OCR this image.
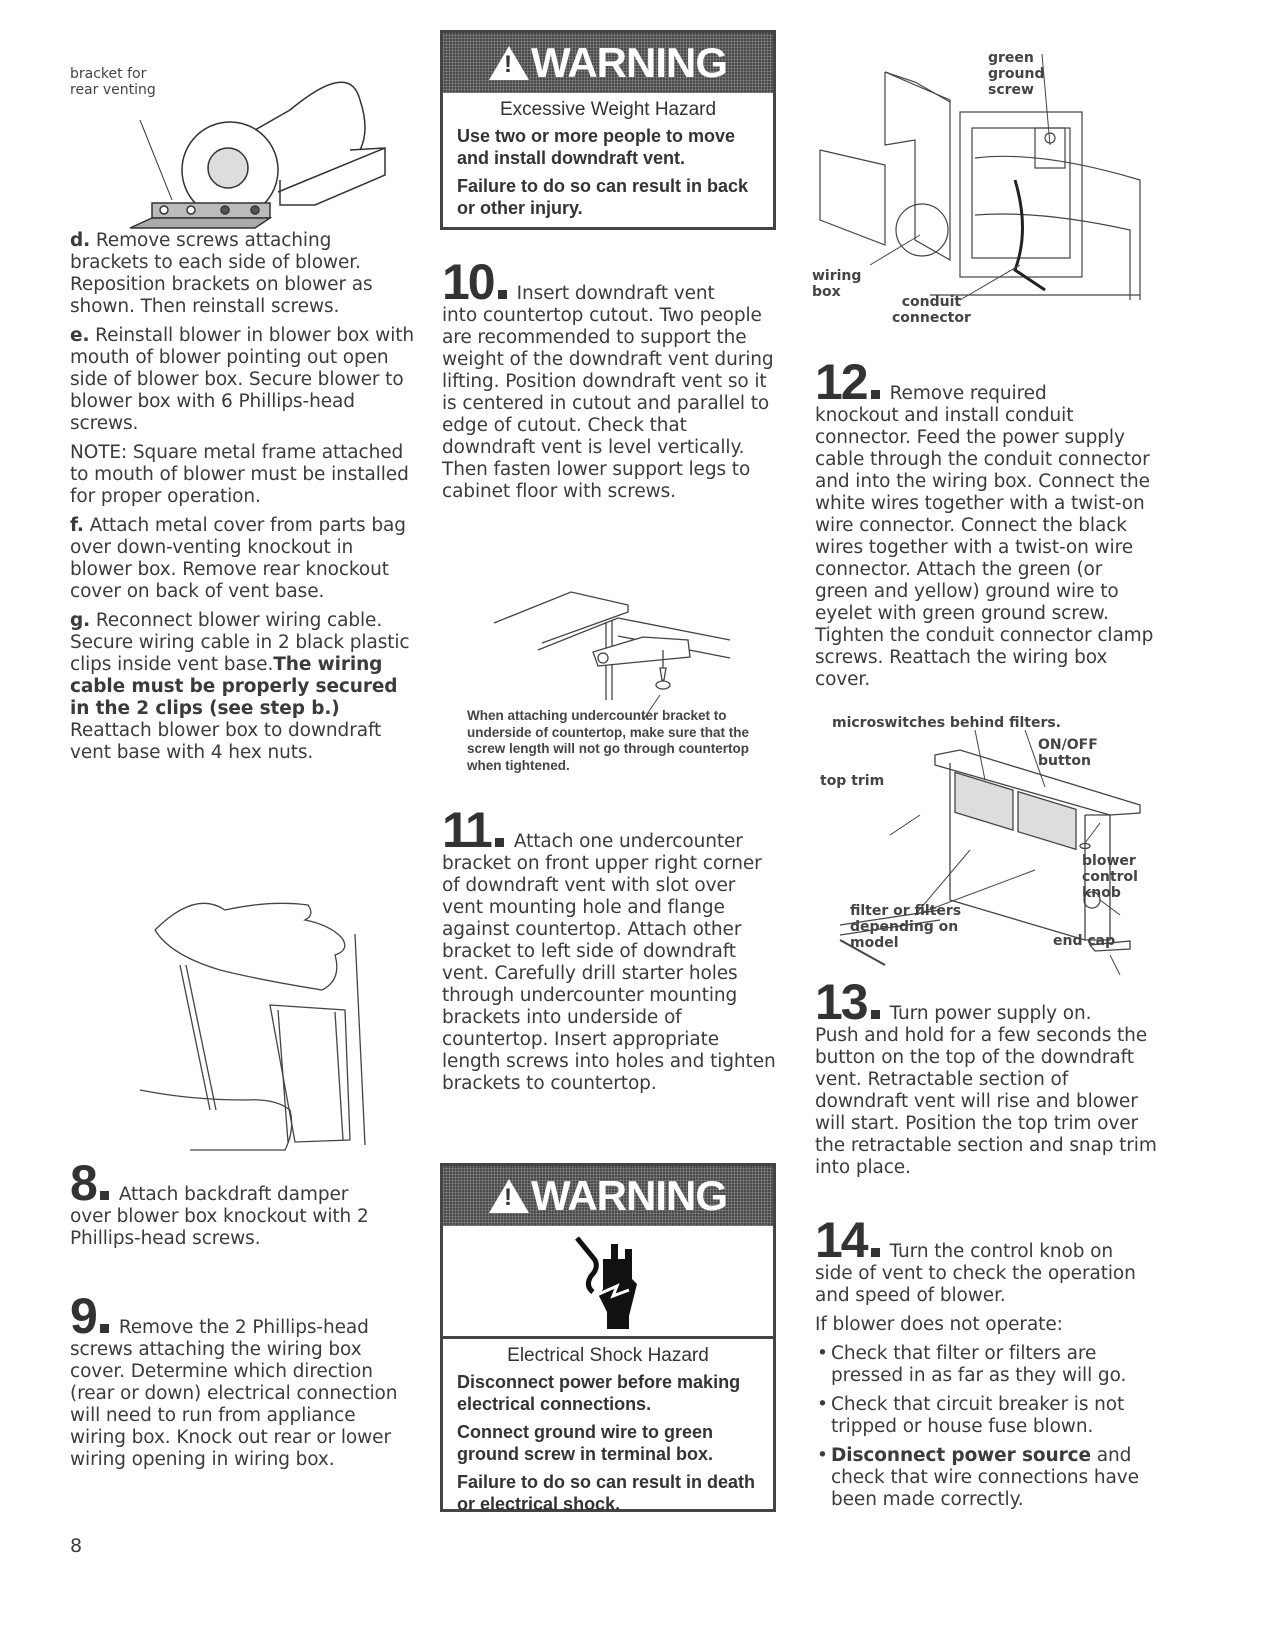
bracket for
rear venting

d. Remove screws attaching brackets to each side of blower. Reposition brackets on blower as shown. Then reinstall screws.

e. Reinstall blower in blower box with mouth of blower pointing out open side of blower box. Secure blower to blower box with 6 Phillips-head screws.

NOTE: Square metal frame attached to mouth of blower must be installed for proper operation.

f. Attach metal cover from parts bag over down-venting knockout in blower box. Remove rear knockout cover on back of vent base.

g. Reconnect blower wiring cable. Secure wiring cable in 2 black plastic clips inside vent base.The wiring cable must be properly secured in the 2 clips (see step b.) Reattach blower box to downdraft vent base with 4 hex nuts.

8 Attach backdraft damper
over blower box knockout with 2 Phillips-head screws.
9 Remove the 2 Phillips-head
screws attaching the wiring box cover. Determine which direction (rear or down) electrical connection will need to run from appliance wiring box. Knock out rear or lower wiring opening in wiring box.
8
! WARNING
Excessive Weight Hazard

Use two or more people to move and install downdraft vent.

Failure to do so can result in back or other injury.

10 Insert downdraft vent
into countertop cutout. Two people are recommended to support the weight of the downdraft vent during lifting. Position downdraft vent so it is centered in cutout and parallel to edge of cutout. Check that downdraft vent is level vertically. Then fasten lower support legs to cabinet floor with screws.
When attaching undercounter bracket to underside of countertop, make sure that the screw length will not go through countertop when tightened.
11 Attach one undercounter
bracket on front upper right corner of downdraft vent with slot over vent mounting hole and flange against countertop. Attach other bracket to left side of downdraft vent. Carefully drill starter holes through undercounter mounting brackets into underside of countertop. Insert appropriate length screws into holes and tighten brackets to countertop.
! WARNING
Electrical Shock Hazard

Disconnect power before making electrical connections.

Connect ground wire to green ground screw in terminal box.

Failure to do so can result in death or electrical shock.

green
ground
screw
wiring
box
conduit
connector
12 Remove required
knockout and install conduit connector. Feed the power supply cable through the conduit connector and into the wiring box. Connect the white wires together with a twist-on wire connector. Connect the black wires together with a twist-on wire connector. Attach the green (or green and yellow) ground wire to eyelet with green ground screw. Tighten the conduit connector clamp screws. Reattach the wiring box cover.
microswitches behind filters.
ON/OFF
button
top trim
blower
control
knob
filter or filters
depending on
model	end cap
13 Turn power supply on.
Push and hold for a few seconds the button on the top of the downdraft vent. Retractable section of downdraft vent will rise and blower will start. Position the top trim over the retractable section and snap trim into place.
14 Turn the control knob on
side of vent to check the operation and speed of blower.

If blower does not operate:

• Check that filter or filters are pressed in as far as they will go.
• Check that circuit breaker is not tripped or house fuse blown.
• Disconnect power source and check that wire connections have been made correctly.
